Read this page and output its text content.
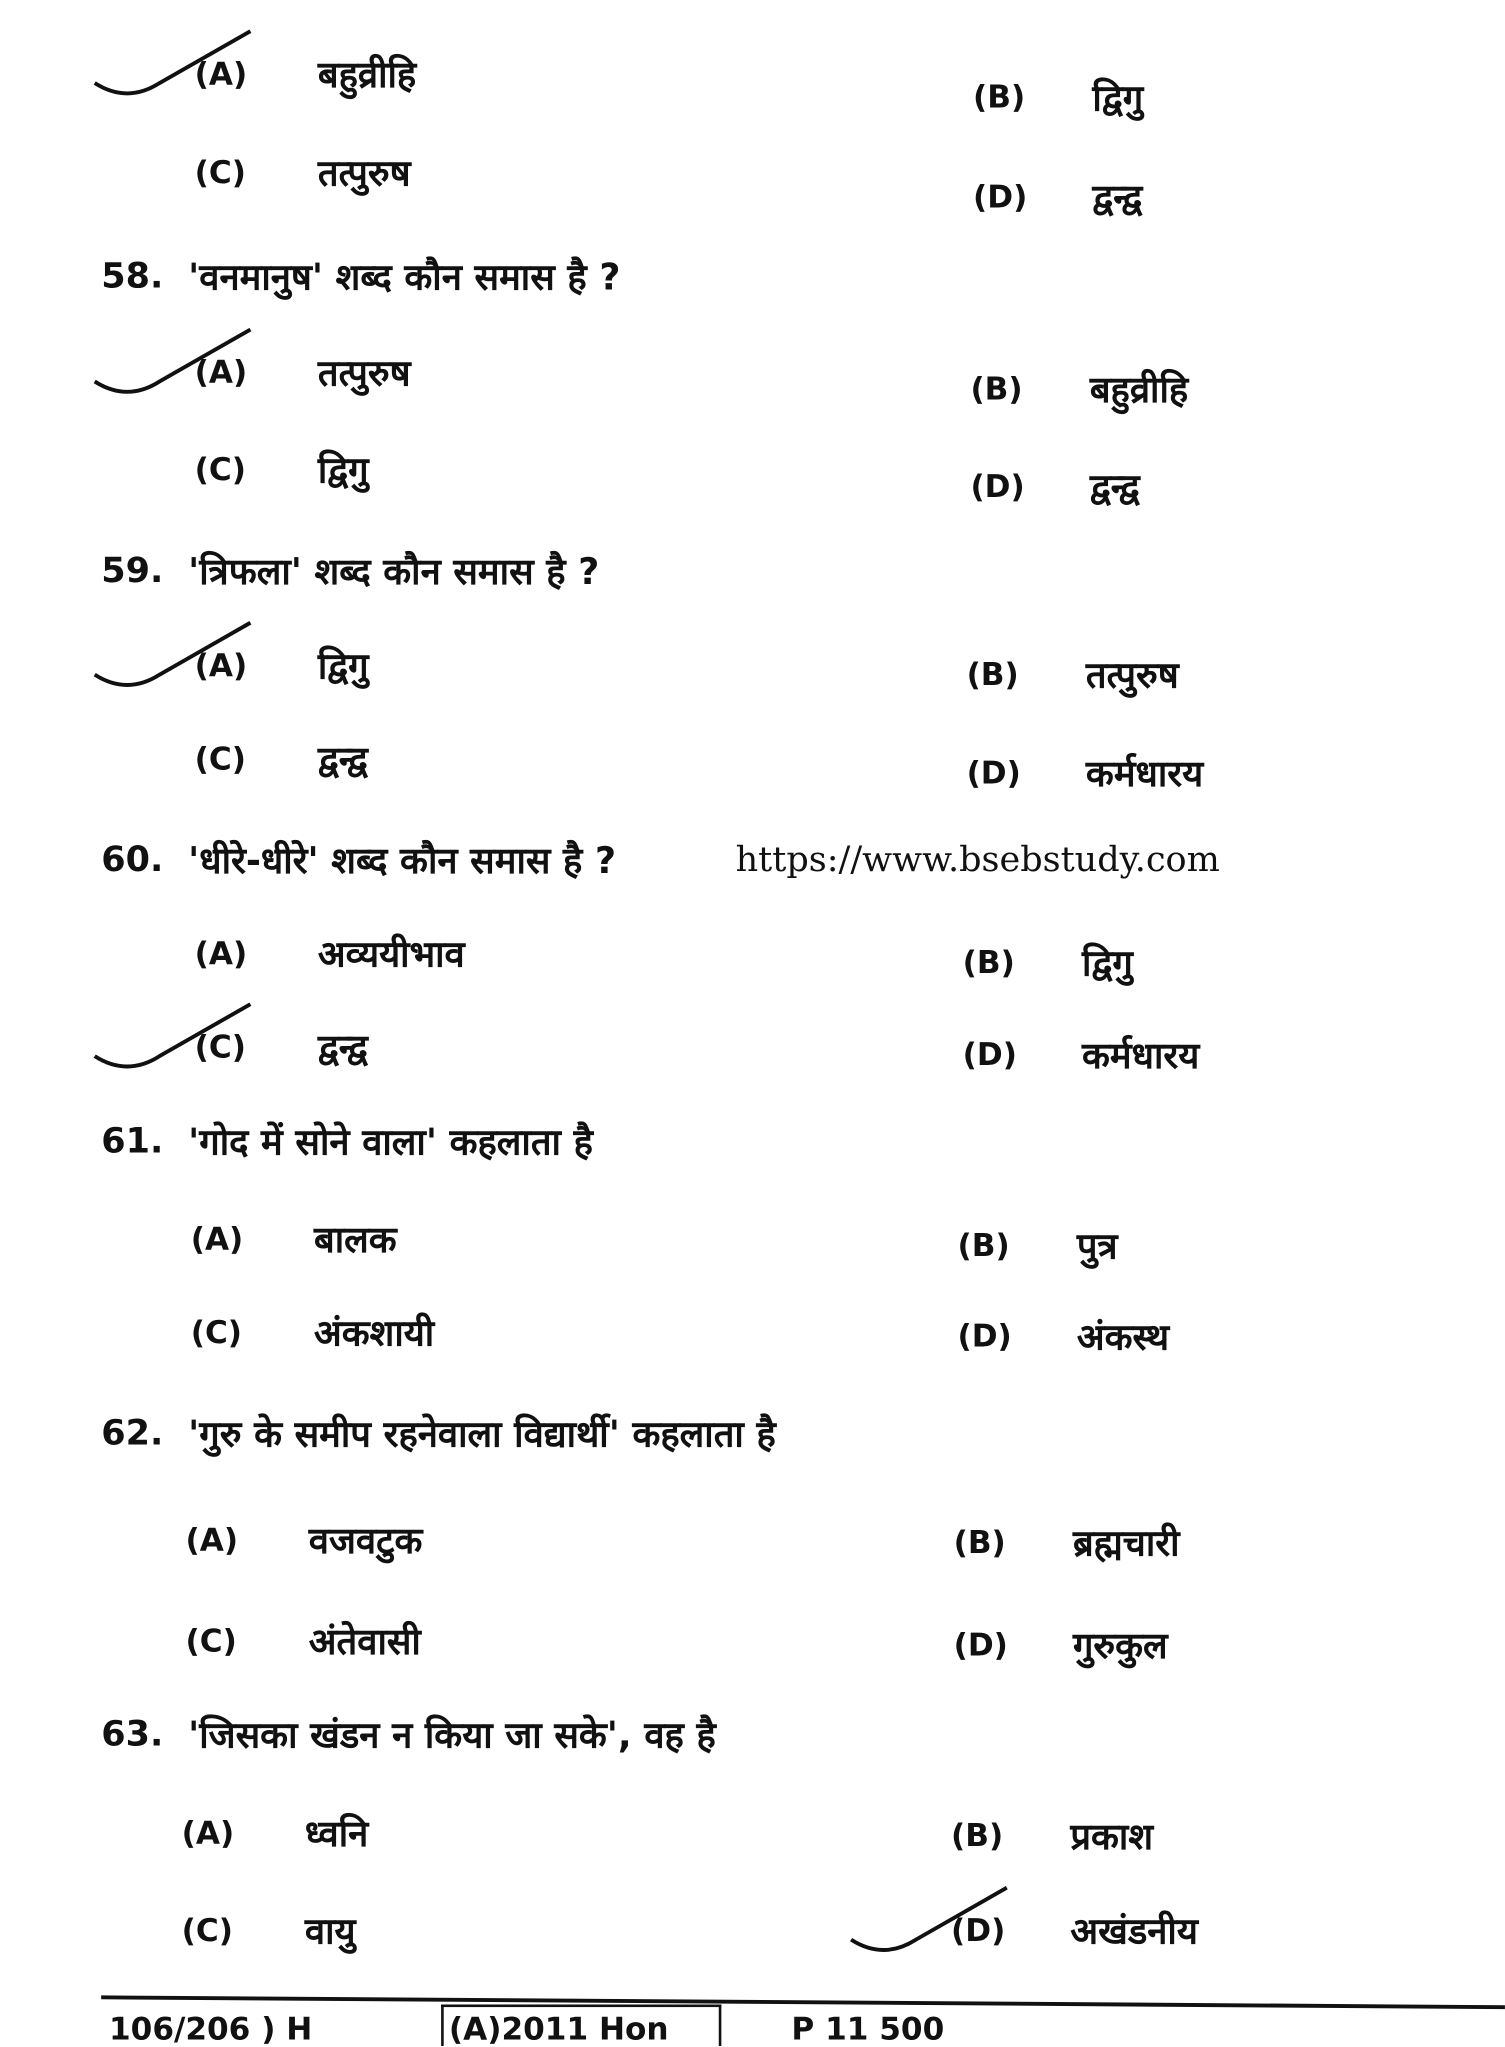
106/206 ) H	(A)2011 Hon	P 11 500
(A)	बहुव्रीहि
(B) द्विगु
(C)	तत्पुरुष
(D) द्वन्द्व
58. 'वनमानुष' शब्द कौन समास है ?
(A)	तत्पुरुष	(B) बहुव्रीहि
(C)	द्विगु	(D) द्वन्द्व
59. 'त्रिफला' शब्द कौन समास है ?
(A)	द्विगु	(B) तत्पुरुष
(C)	द्वन्द्व	(D) कर्मधारय
60. 'धीरे-धीरे' शब्द कौन समास है ?
(A)	अव्ययीभाव	(B) द्विगु
(C)	द्वन्द्व	(D) कर्मधारय
61. 'गोद में सोने वाला' कहलाता है
(A)	बालक	(B) पुत्र
(C)	अंकशायी	(D) अंकस्थ
62. 'गुरु के समीप रहनेवाला विद्यार्थी' कहलाता है
(A)	वजवटुक	(B) ब्रह्मचारी
(C)	अंतेवासी	(D) गुरुकुल
63. 'जिसका खंडन न किया जा सके', वह है
(A)	ध्वनि	(B) प्रकाश
(C)	वायु	(D) अखंडनीय
https://www.bsebstudy.com
